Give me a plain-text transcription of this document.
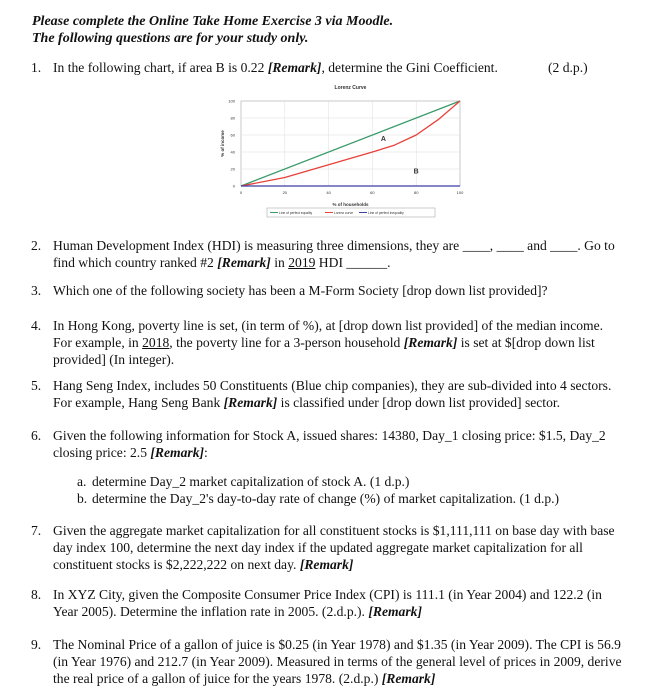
Please complete the Online Take Home Exercise 3 via Moodle.
The following questions are for your study only.
1. In the following chart, if area B is 0.22 [Remark], determine the Gini Coefficient.	(2 d.p.)
2. Human Development Index (HDI) is measuring three dimensions, they are ____, ____ and ____. Go to
find which country ranked #2 [Remark] in 2019 HDI ______.
3. Which one of the following society has been a M-Form Society [drop down list provided]?
4. In Hong Kong, poverty line is set, (in term of %), at [drop down list provided] of the median income.
For example, in 2018, the poverty line for a 3-person household [Remark] is set at $[drop down list
provided] (In integer).
5. Hang Seng Index, includes 50 Constituents (Blue chip companies), they are sub-divided into 4 sectors.
For example, Hang Seng Bank [Remark] is classified under [drop down list provided] sector.
6. Given the following information for Stock A, issued shares: 14380, Day_1 closing price: $1.5, Day_2
closing price: 2.5 [Remark]:
a. determine Day_2 market capitalization of stock A. (1 d.p.)
b. determine the Day_2's day-to-day rate of change (%) of market capitalization. (1 d.p.)
7. Given the aggregate market capitalization for all constituent stocks is $1,111,111 on base day with base
day index 100, determine the next day index if the updated aggregate market capitalization for all
constituent stocks is $2,222,222 on next day. [Remark]
8. In XYZ City, given the Composite Consumer Price Index (CPI) is 111.1 (in Year 2004) and 122.2 (in
Year 2005). Determine the inflation rate in 2005. (2.d.p.). [Remark]
9. The Nominal Price of a gallon of juice is $0.25 (in Year 1978) and $1.35 (in Year 2009). The CPI is 56.9
(in Year 1976) and 212.7 (in Year 2009). Measured in terms of the general level of prices in 2009, derive
the real price of a gallon of juice for the years 1978. (2.d.p.) [Remark]
Lorenz Curve
0	20	40	60	80	100
0
20
40
60
80
100
% of households
% of income	A
B
Line of perfect equality	Lorenz curve	Line of perfect inequality
